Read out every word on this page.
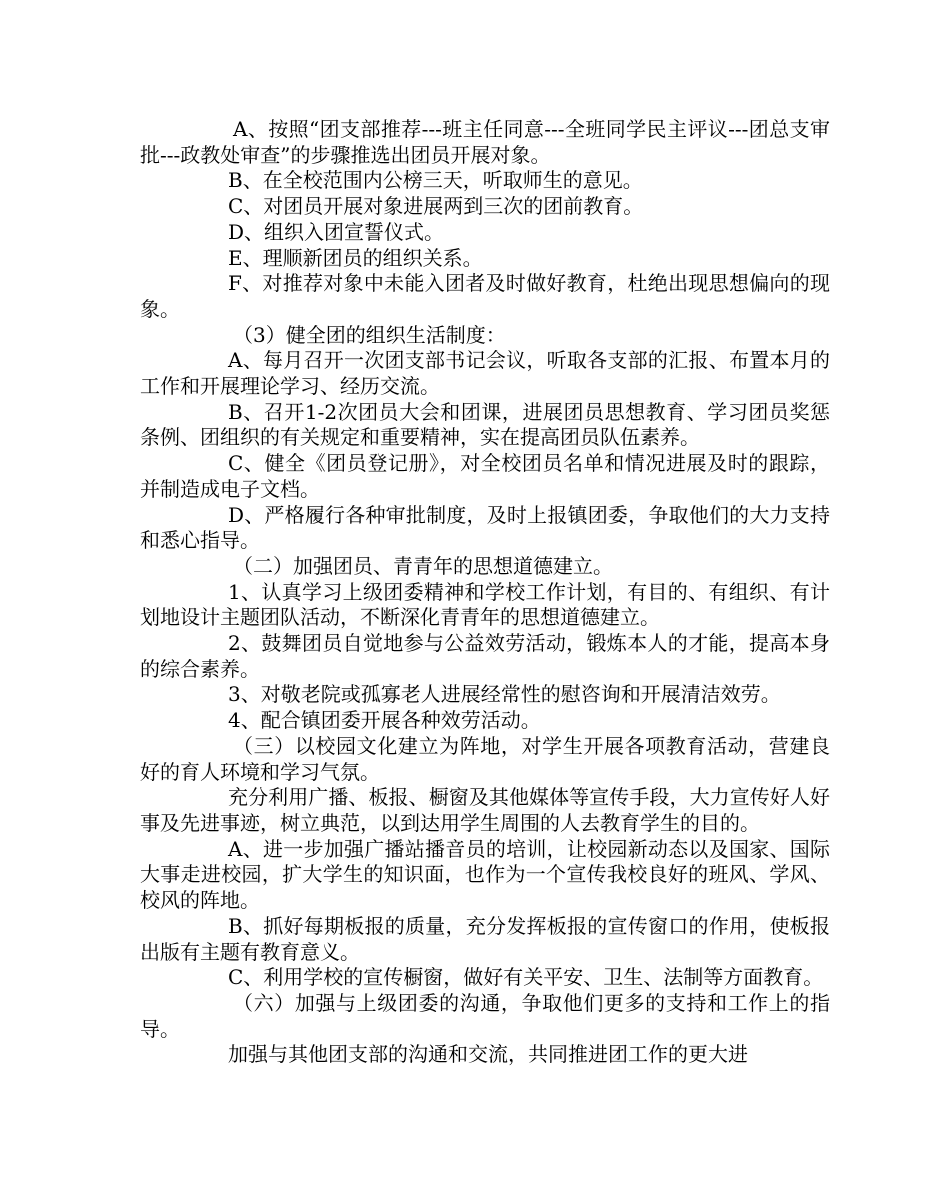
A、按照“团支部推荐---班主任同意---全班同学民主评议---团总支审批---政教处审查”的步骤推选出团员开展对象。

B、在全校范围内公榜三天，听取师生的意见。

C、对团员开展对象进展两到三次的团前教育。

D、组织入团宣誓仪式。

E、理顺新团员的组织关系。

F、对推荐对象中未能入团者及时做好教育，杜绝出现思想偏向的现象。

（3）健全团的组织生活制度：

A、每月召开一次团支部书记会议，听取各支部的汇报、布置本月的工作和开展理论学习、经历交流。

B、召开1-2次团员大会和团课，进展团员思想教育、学习团员奖惩条例、团组织的有关规定和重要精神，实在提高团员队伍素养。

C、健全《团员登记册》，对全校团员名单和情况进展及时的跟踪，并制造成电子文档。

D、严格履行各种审批制度，及时上报镇团委，争取他们的大力支持和悉心指导。

（二）加强团员、青青年的思想道德建立。

1、认真学习上级团委精神和学校工作计划，有目的、有组织、有计划地设计主题团队活动，不断深化青青年的思想道德建立。

2、鼓舞团员自觉地参与公益效劳活动，锻炼本人的才能，提高本身的综合素养。

3、对敬老院或孤寡老人进展经常性的慰咨询和开展清洁效劳。

4、配合镇团委开展各种效劳活动。

（三）以校园文化建立为阵地，对学生开展各项教育活动，营建良好的育人环境和学习气氛。

充分利用广播、板报、橱窗及其他媒体等宣传手段，大力宣传好人好事及先进事迹，树立典范，以到达用学生周围的人去教育学生的目的。

A、进一步加强广播站播音员的培训，让校园新动态以及国家、国际大事走进校园，扩大学生的知识面，也作为一个宣传我校良好的班风、学风、校风的阵地。

B、抓好每期板报的质量，充分发挥板报的宣传窗口的作用，使板报出版有主题有教育意义。

C、利用学校的宣传橱窗，做好有关平安、卫生、法制等方面教育。

（六）加强与上级团委的沟通，争取他们更多的支持和工作上的指导。

加强与其他团支部的沟通和交流，共同推进团工作的更大进
